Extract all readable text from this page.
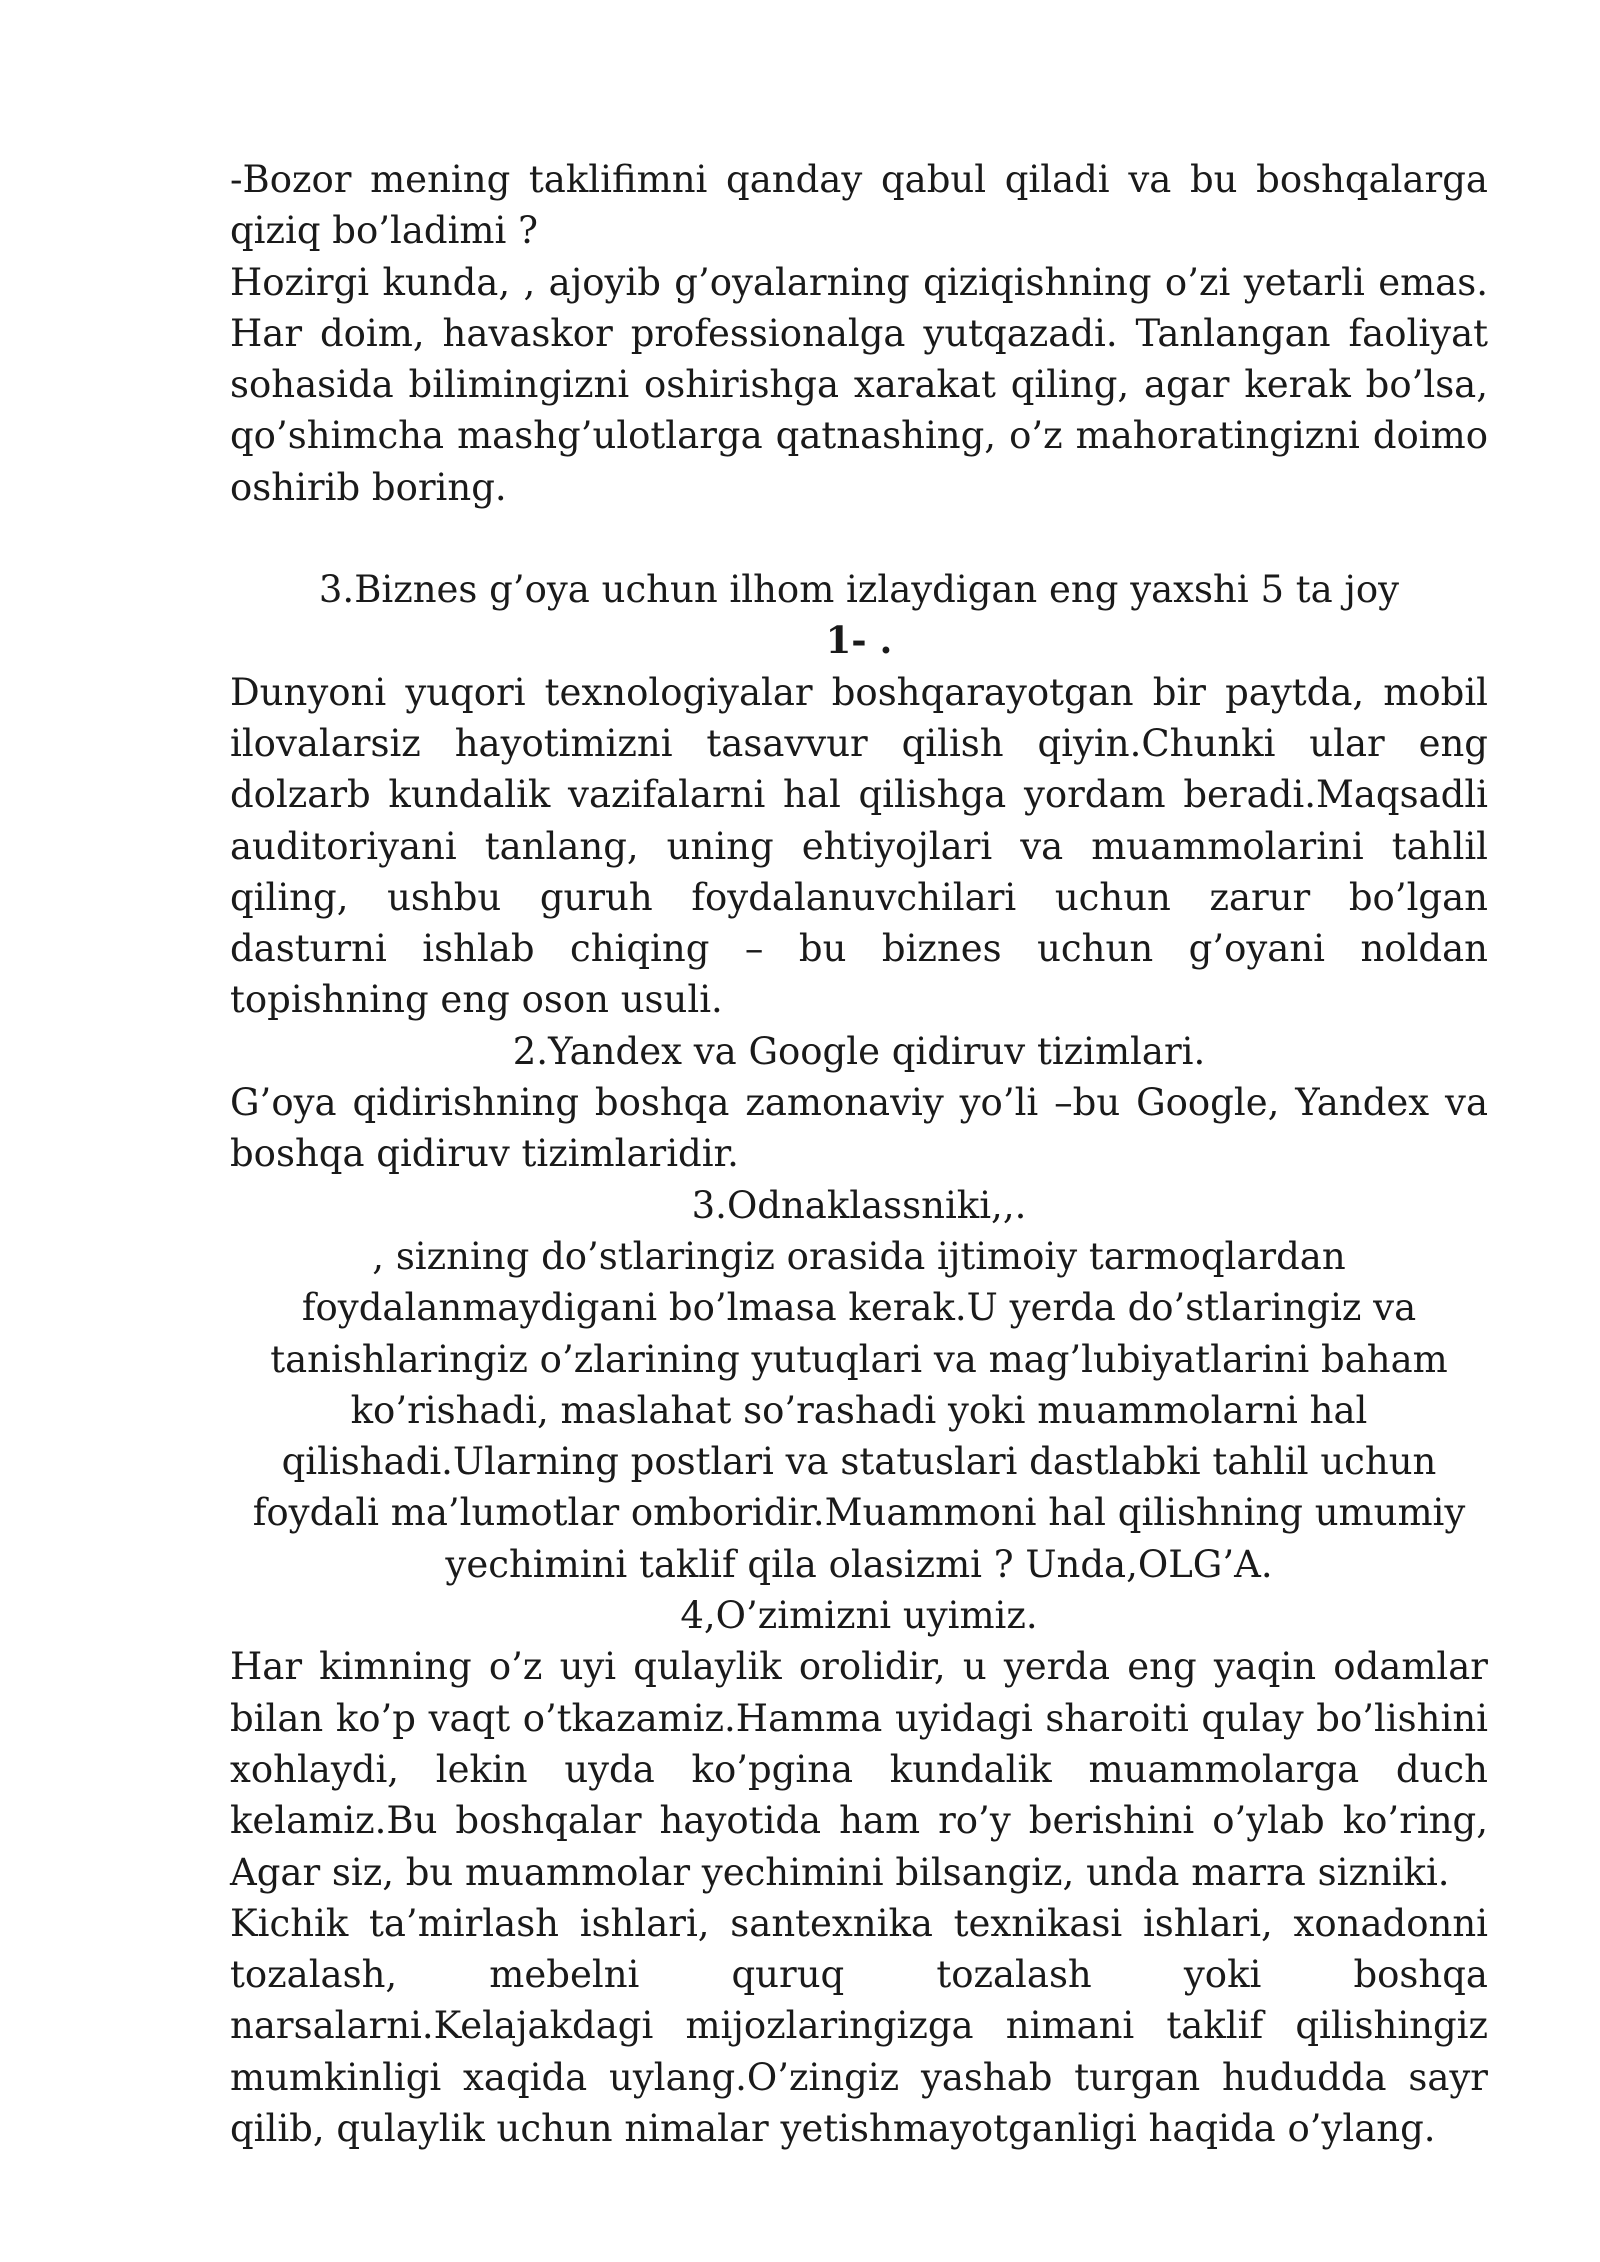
-Bozor mening taklifimni qanday qabul qiladi va bu boshqalarga qiziq bo’ladimi ?

Hozirgi kunda, , ajoyib g’oyalarning qiziqishning o’zi yetarli emas. Har doim, havaskor professionalga yutqazadi. Tanlangan faoliyat sohasida bilimingizni oshirishga xarakat qiling, agar kerak bo’lsa, qo’shimcha mashg’ulotlarga qatnashing, o’z mahoratingizni doimo oshirib boring.

3.Biznes g’oya uchun ilhom izlaydigan eng yaxshi 5 ta joy

1- .

Dunyoni yuqori texnologiyalar boshqarayotgan bir paytda, mobil ilovalarsiz hayotimizni tasavvur qilish qiyin.Chunki ular eng dolzarb kundalik vazifalarni hal qilishga yordam beradi.Maqsadli auditoriyani tanlang, uning ehtiyojlari va muammolarini tahlil qiling, ushbu guruh foydalanuvchilari uchun zarur bo’lgan dasturni ishlab chiqing – bu biznes uchun g’oyani noldan topishning eng oson usuli.

2.Yandex va Google qidiruv tizimlari.

G’oya qidirishning boshqa zamonaviy yo’li –bu Google, Yandex va boshqa qidiruv tizimlaridir.

3.Odnaklassniki,,.

, sizning do’stlaringiz orasida ijtimoiy tarmoqlardan foydalanmaydigani bo’lmasa kerak.U yerda do’stlaringiz va tanishlaringiz o’zlarining yutuqlari va mag’lubiyatlarini baham ko’rishadi, maslahat so’rashadi yoki muammolarni hal qilishadi.Ularning postlari va statuslari dastlabki tahlil uchun foydali ma’lumotlar omboridir.Muammoni hal qilishning umumiy yechimini taklif qila olasizmi ? Unda,OLG’A.

4,O’zimizni uyimiz.

Har kimning o’z uyi qulaylik orolidir, u yerda eng yaqin odamlar bilan ko’p vaqt o’tkazamiz.Hamma uyidagi sharoiti qulay bo’lishini xohlaydi, lekin uyda ko’pgina kundalik muammolarga duch kelamiz.Bu boshqalar hayotida ham ro’y berishini o’ylab ko’ring, Agar siz, bu muammolar yechimini bilsangiz, unda marra sizniki.

Kichik ta’mirlash ishlari, santexnika texnikasi ishlari, xonadonni tozalash, mebelni quruq tozalash yoki boshqa narsalarni.Kelajakdagi mijozlaringizga nimani taklif qilishingiz mumkinligi xaqida uylang.O’zingiz yashab turgan hududda sayr qilib, qulaylik uchun nimalar yetishmayotganligi haqida o’ylang.
